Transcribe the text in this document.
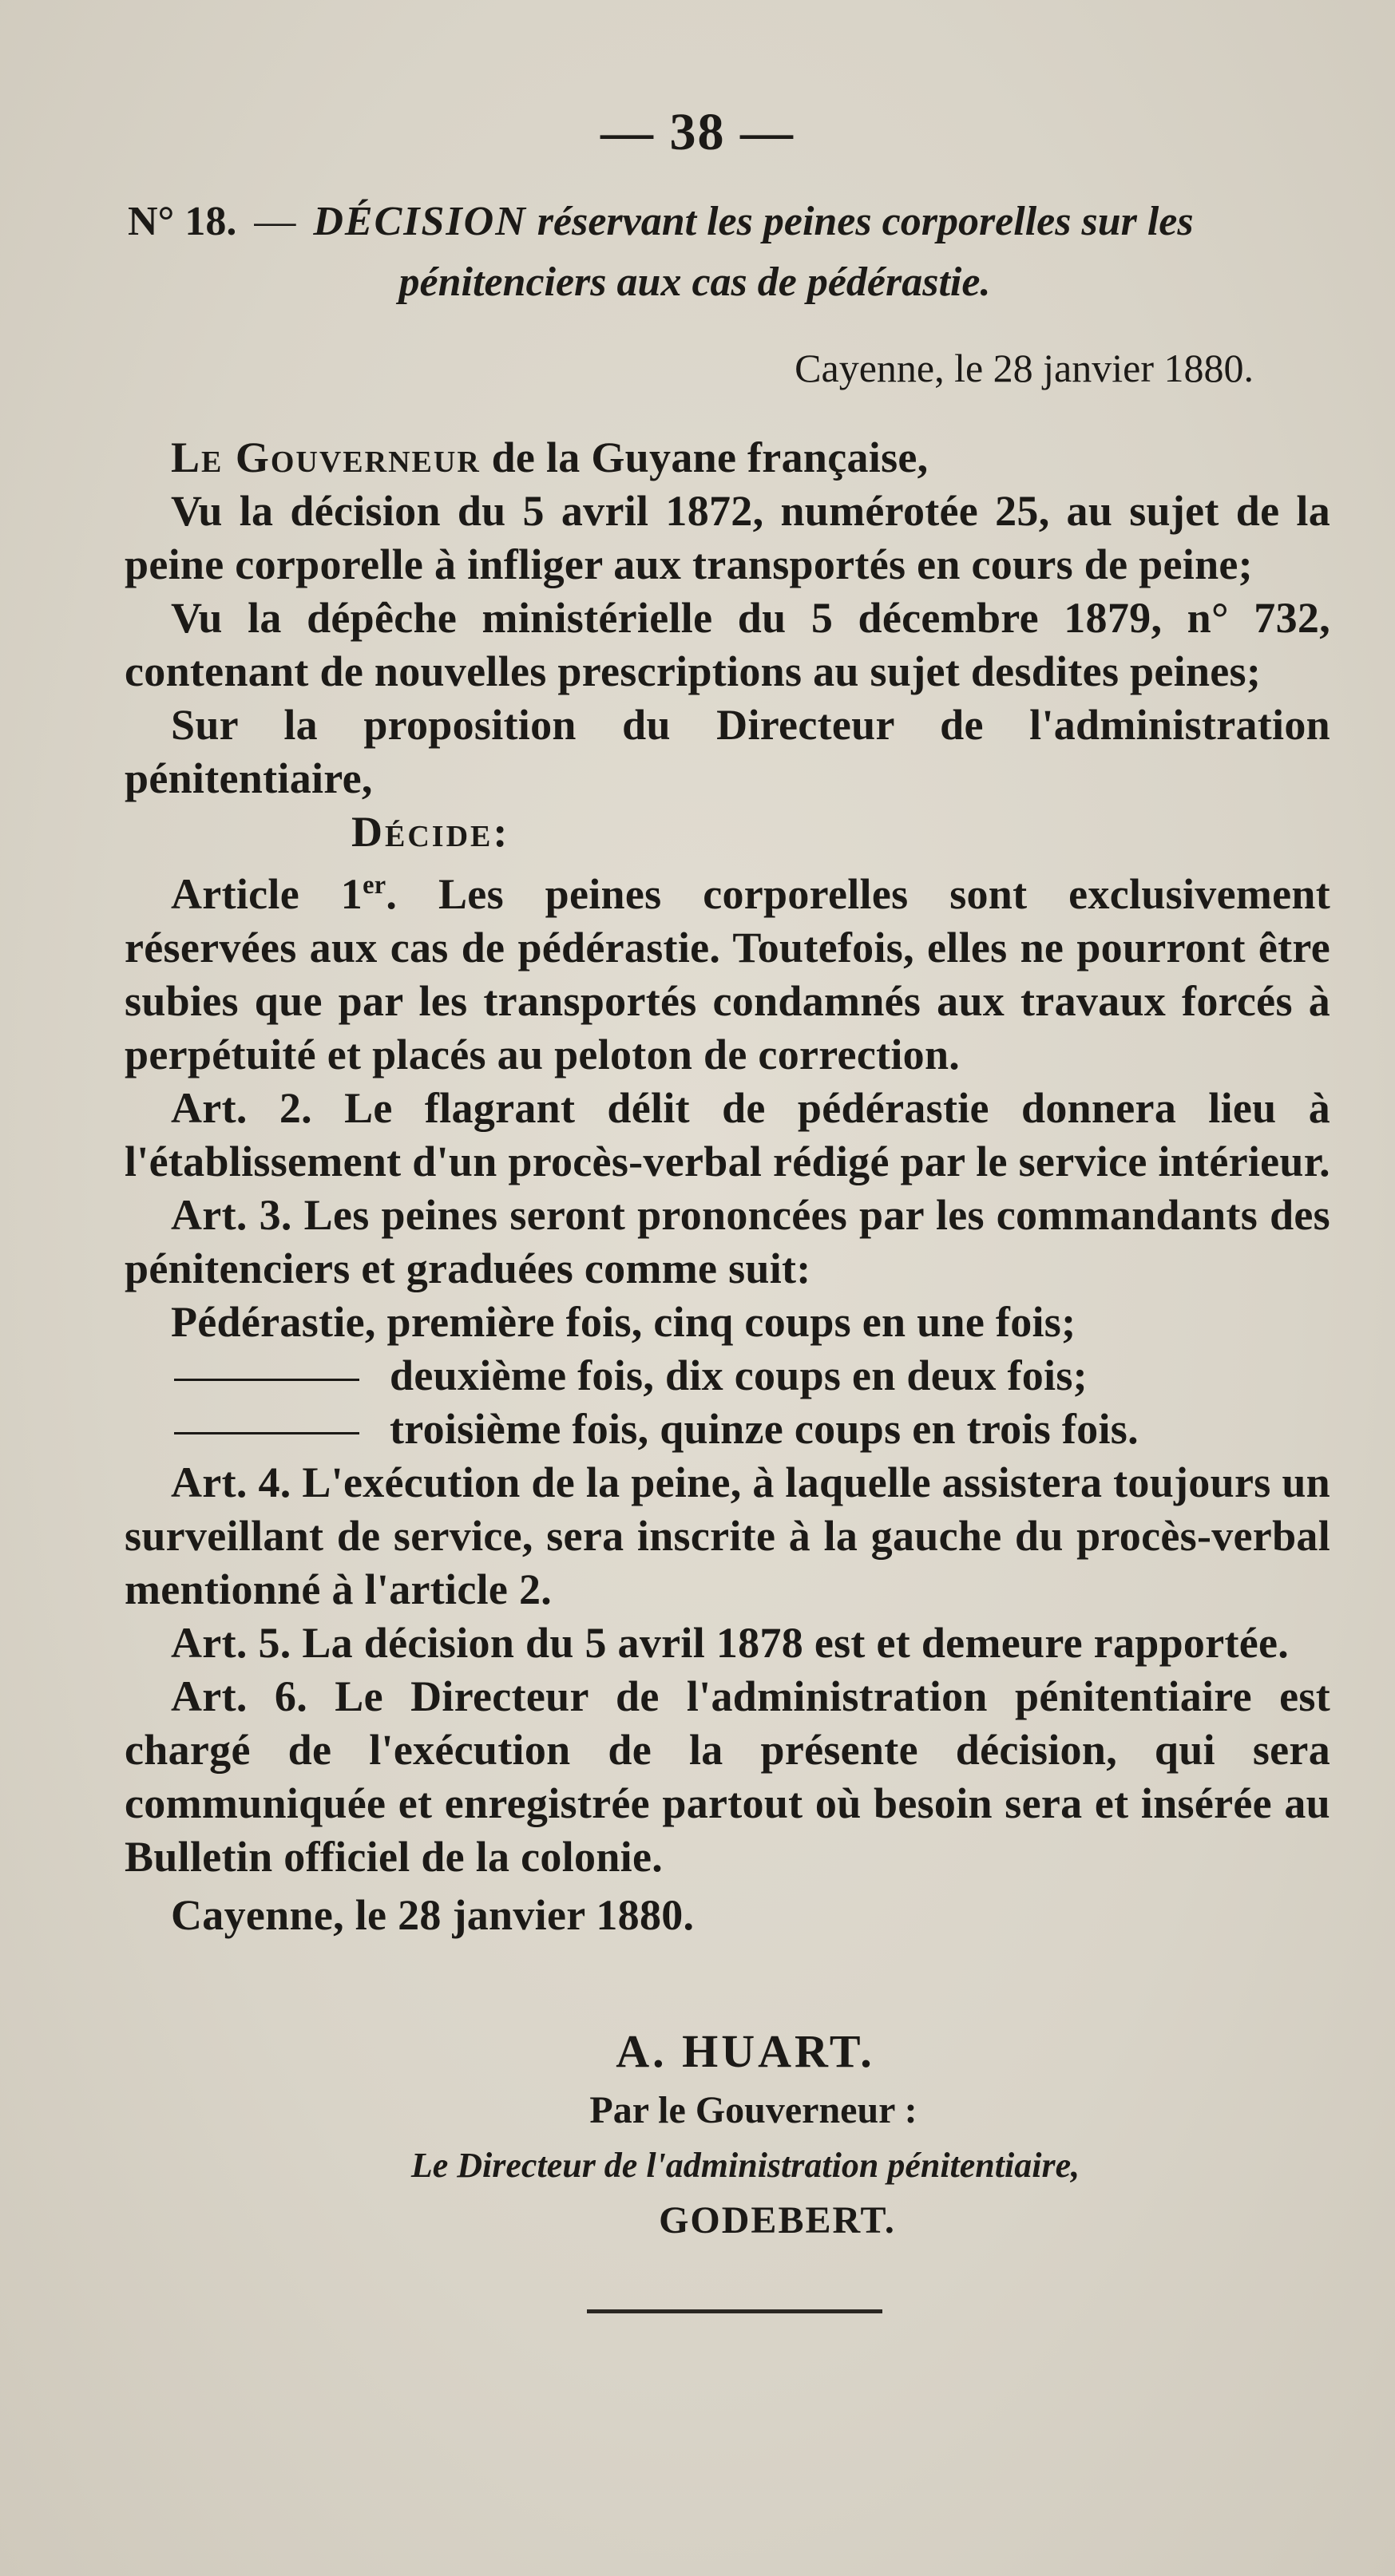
— 38 —
N° 18. — DÉCISION réservant les peines corporelles sur les
pénitenciers aux cas de pédérastie.
Cayenne, le 28 janvier 1880.

Le Gouverneur de la Guyane française,

Vu la décision du 5 avril 1872, numérotée 25, au sujet de la peine corporelle à infliger aux transportés en cours de peine;

Vu la dépêche ministérielle du 5 décembre 1879, n° 732, contenant de nouvelles prescriptions au sujet desdites peines;

Sur la proposition du Directeur de l'administration pénitentiaire,

Décide:

Article 1er. Les peines corporelles sont exclusivement réservées aux cas de pédérastie. Toutefois, elles ne pourront être subies que par les transportés condamnés aux travaux forcés à perpétuité et placés au peloton de correction.

Art. 2. Le flagrant délit de pédérastie donnera lieu à l'établissement d'un procès-verbal rédigé par le service intérieur.

Art. 3. Les peines seront prononcées par les commandants des pénitenciers et graduées comme suit:

Pédérastie, première fois, cinq coups en une fois;

deuxième fois, dix coups en deux fois;

troisième fois, quinze coups en trois fois.

Art. 4. L'exécution de la peine, à laquelle assistera toujours un surveillant de service, sera inscrite à la gauche du procès-verbal mentionné à l'article 2.

Art. 5. La décision du 5 avril 1878 est et demeure rapportée.

Art. 6. Le Directeur de l'administration pénitentiaire est chargé de l'exécution de la présente décision, qui sera communiquée et enregistrée partout où besoin sera et insérée au Bulletin officiel de la colonie.

Cayenne, le 28 janvier 1880.

A. HUART.
Par le Gouverneur :
Le Directeur de l'administration pénitentiaire,
GODEBERT.
